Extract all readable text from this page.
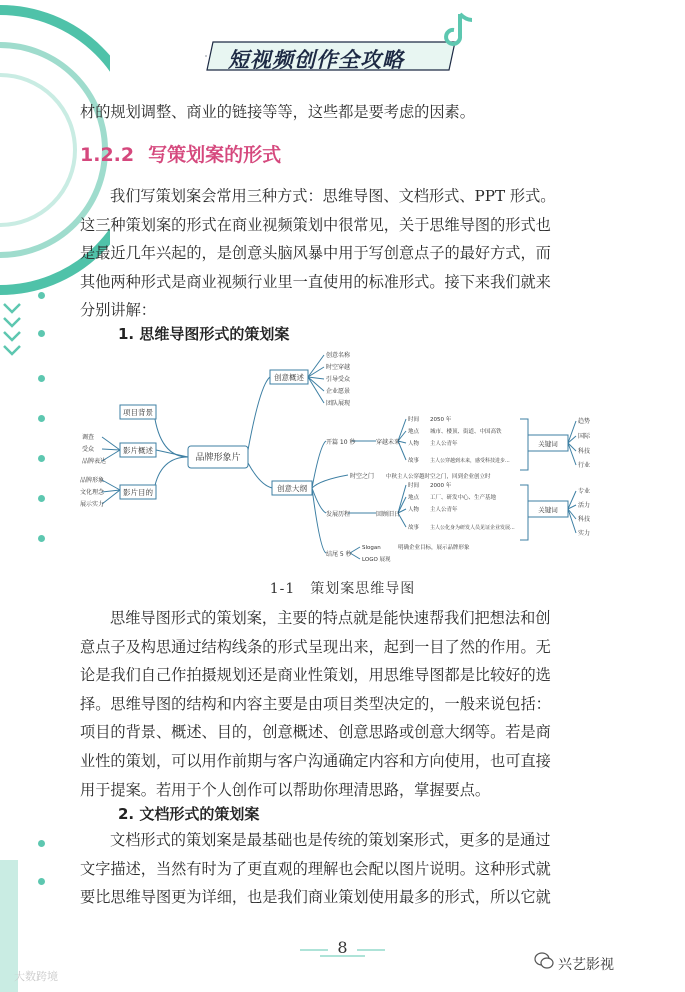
短视频创作全攻略

材的规划调整、商业的链接等等，这些都是要考虑的因素。

1.2.2 写策划案的形式

我们写策划案会常用三种方式：思维导图、文档形式、PPT 形式。

这三种策划案的形式在商业视频策划中很常见，关于思维导图的形式也

是最近几年兴起的，是创意头脑风暴中用于写创意点子的最好方式，而

其他两种形式是商业视频行业里一直使用的标准形式。接下来我们就来

分别讲解：

1. 思维导图形式的策划案
品牌形象片
项目背景
影片概述
影片目的
调查
受众
品牌表达
品牌形象
文化理念
展示实力
创意概述
创意名称
时空穿越
引导受众
企业愿景
团队展现
创意大纲
开篇 10 秒	穿越未来
时间 2050 年
地点 城市、楼顶、街道、中国高铁
人物 主人公青年
故事 主人公穿越到未来，感受科技进步...
关键词
趋势
国际
科技
行业
时空之门 中秋主人公穿越时空之门，回到企业创立时
发展历程	回顾旧日
时间 2000 年
地点 工厂、研发中心、生产基地
人物 主人公青年
故事 主人公化身为研发人员见证企业发展...
关键词
专业
活力
科技
实力
结尾 5 秒
Slogan
LOGO 展现
明确企业目标，展示品牌形象
1-1　策划案思维导图

思维导图形式的策划案，主要的特点就是能快速帮我们把想法和创

意点子及构思通过结构线条的形式呈现出来，起到一目了然的作用。无

论是我们自己作拍摄规划还是商业性策划，用思维导图都是比较好的选

择。思维导图的结构和内容主要是由项目类型决定的，一般来说包括：

项目的背景、概述、目的，创意概述、创意思路或创意大纲等。若是商

业性的策划，可以用作前期与客户沟通确定内容和方向使用，也可直接

用于提案。若用于个人创作可以帮助你理清思路，掌握要点。

2. 文档形式的策划案

文档形式的策划案是最基础也是传统的策划案形式，更多的是通过

文字描述，当然有时为了更直观的理解也会配以图片说明。这种形式就

要比思维导图更为详细，也是我们商业策划使用最多的形式，所以它就

8
大数跨境
兴艺影视
